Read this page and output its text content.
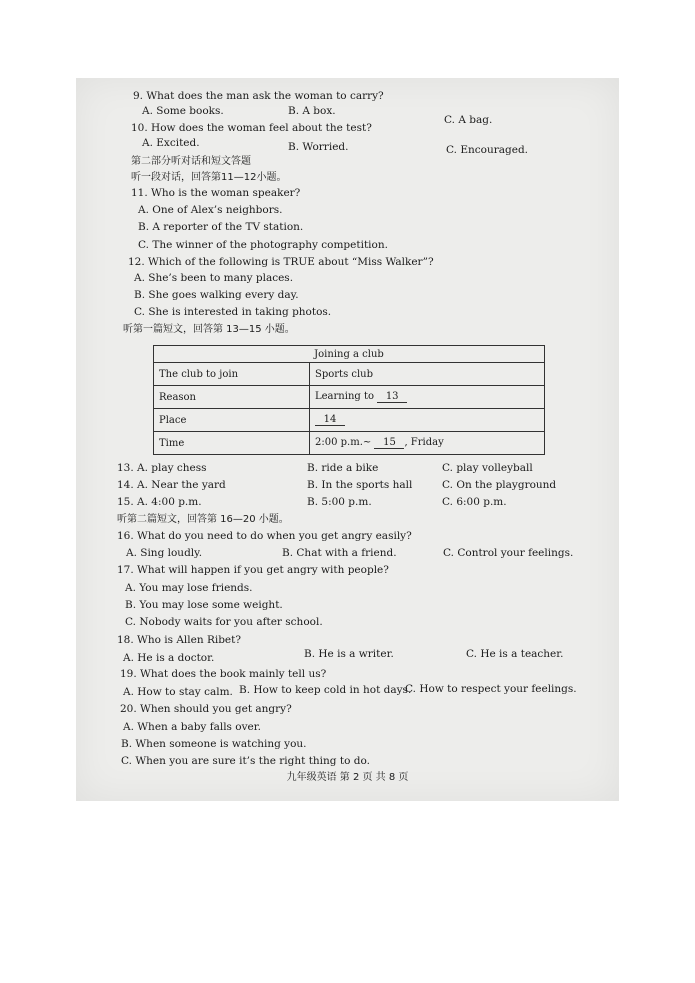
9. What does the man ask the woman to carry?
A. Some books.	B. A box.
C. A bag.
10. How does the woman feel about the test?
A. Excited.	B. Worried.	C. Encouraged.
第二部分听对话和短文答题
听一段对话，回答第11—12小题。
11. Who is the woman speaker?
A. One of Alex’s neighbors.
B. A reporter of the TV station.
C. The winner of the photography competition.
12. Which of the following is TRUE about “Miss Walker”?
A. She’s been to many places.
B. She goes walking every day.
C. She is interested in taking photos.
听第一篇短文，回答第 13—15 小题。
Joining a club	
The club to join	Sports club
Reason	Learning to 13
Place	14
Time	2:00 p.m.~ 15 , Friday
13. A. play chess	B. ride a bike	C. play volleyball
14. A. Near the yard	B. In the sports hall	C. On the playground
15. A. 4:00 p.m.	B. 5:00 p.m.	C. 6:00 p.m.
听第二篇短文，回答第 16—20 小题。
16. What do you need to do when you get angry easily?
A. Sing loudly.	B. Chat with a friend.	C. Control your feelings.
17. What will happen if you get angry with people?
A. You may lose friends.
B. You may lose some weight.
C. Nobody waits for you after school.
18. Who is Allen Ribet?
A. He is a doctor.	B. He is a writer.	C. He is a teacher.
19. What does the book mainly tell us?
A. How to stay calm. B. How to keep cold in hot days.
C. How to respect your feelings.
20. When should you get angry?
A. When a baby falls over.
B. When someone is watching you.
C. When you are sure it’s the right thing to do.
九年级英语 第 2 页 共 8 页
